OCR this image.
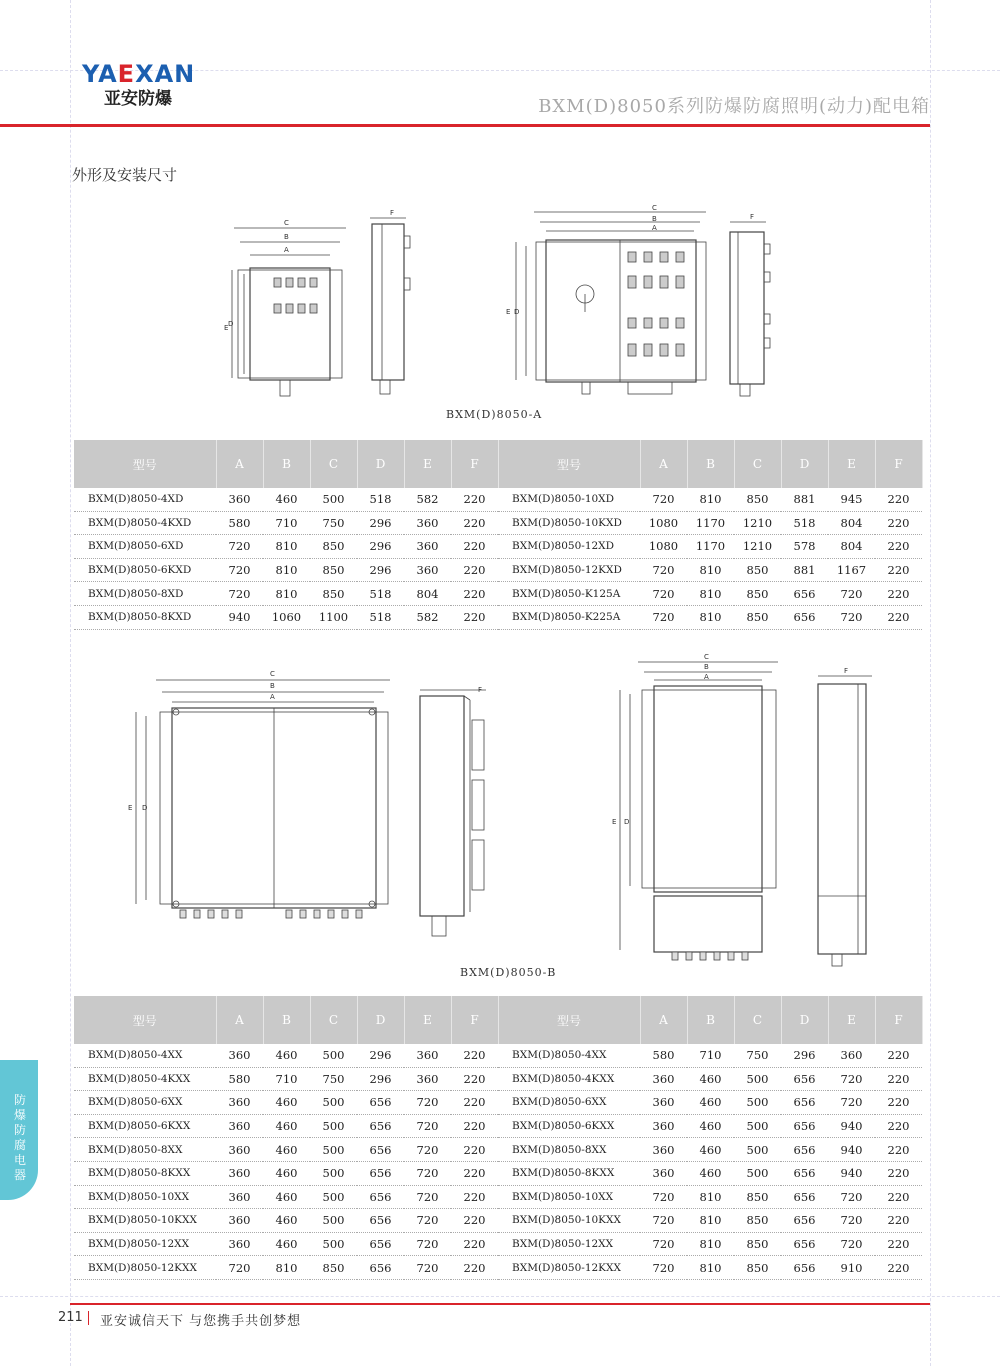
YAEXAN
亚安防爆	BXM(D)8050系列防爆防腐照明(动力)配电箱
外形及安装尺寸
C
B
A
E D
F
C
B
A
E D
F
BXM(D)8050-A
型号	A	B	C	D	E	F	型号	A	B	C	D	E	F
BXM(D)8050-4XD	360	460	500	518	582	220	BXM(D)8050-10XD	720	810	850	881	945	220
BXM(D)8050-4KXD	580	710	750	296	360	220	BXM(D)8050-10KXD	1080	1170	1210	518	804	220
BXM(D)8050-6XD	720	810	850	296	360	220	BXM(D)8050-12XD	1080	1170	1210	578	804	220
BXM(D)8050-6KXD	720	810	850	296	360	220	BXM(D)8050-12KXD	720	810	850	881	1167	220
BXM(D)8050-8XD	720	810	850	518	804	220	BXM(D)8050-K125A	720	810	850	656	720	220
BXM(D)8050-8KXD	940	1060	1100	518	582	220	BXM(D)8050-K225A	720	810	850	656	720	220
C
B
A
E D
F
C
B
A
E D
F
BXM(D)8050-B
型号	A	B	C	D	E	F	型号	A	B	C	D	E	F
BXM(D)8050-4XX	360	460	500	296	360	220	BXM(D)8050-4XX	580	710	750	296	360	220
BXM(D)8050-4KXX	580	710	750	296	360	220	BXM(D)8050-4KXX	360	460	500	656	720	220
BXM(D)8050-6XX	360	460	500	656	720	220	BXM(D)8050-6XX	360	460	500	656	720	220
BXM(D)8050-6KXX	360	460	500	656	720	220	BXM(D)8050-6KXX	360	460	500	656	940	220
BXM(D)8050-8XX	360	460	500	656	720	220	BXM(D)8050-8XX	360	460	500	656	940	220
BXM(D)8050-8KXX	360	460	500	656	720	220	BXM(D)8050-8KXX	360	460	500	656	940	220
BXM(D)8050-10XX	360	460	500	656	720	220	BXM(D)8050-10XX	720	810	850	656	720	220
BXM(D)8050-10KXX	360	460	500	656	720	220	BXM(D)8050-10KXX	720	810	850	656	720	220
BXM(D)8050-12XX	360	460	500	656	720	220	BXM(D)8050-12XX	720	810	850	656	720	220
BXM(D)8050-12KXX	720	810	850	656	720	220	BXM(D)8050-12KXX	720	810	850	656	910	220
防爆防腐电器
211 亚安诚信天下 与您携手共创梦想
